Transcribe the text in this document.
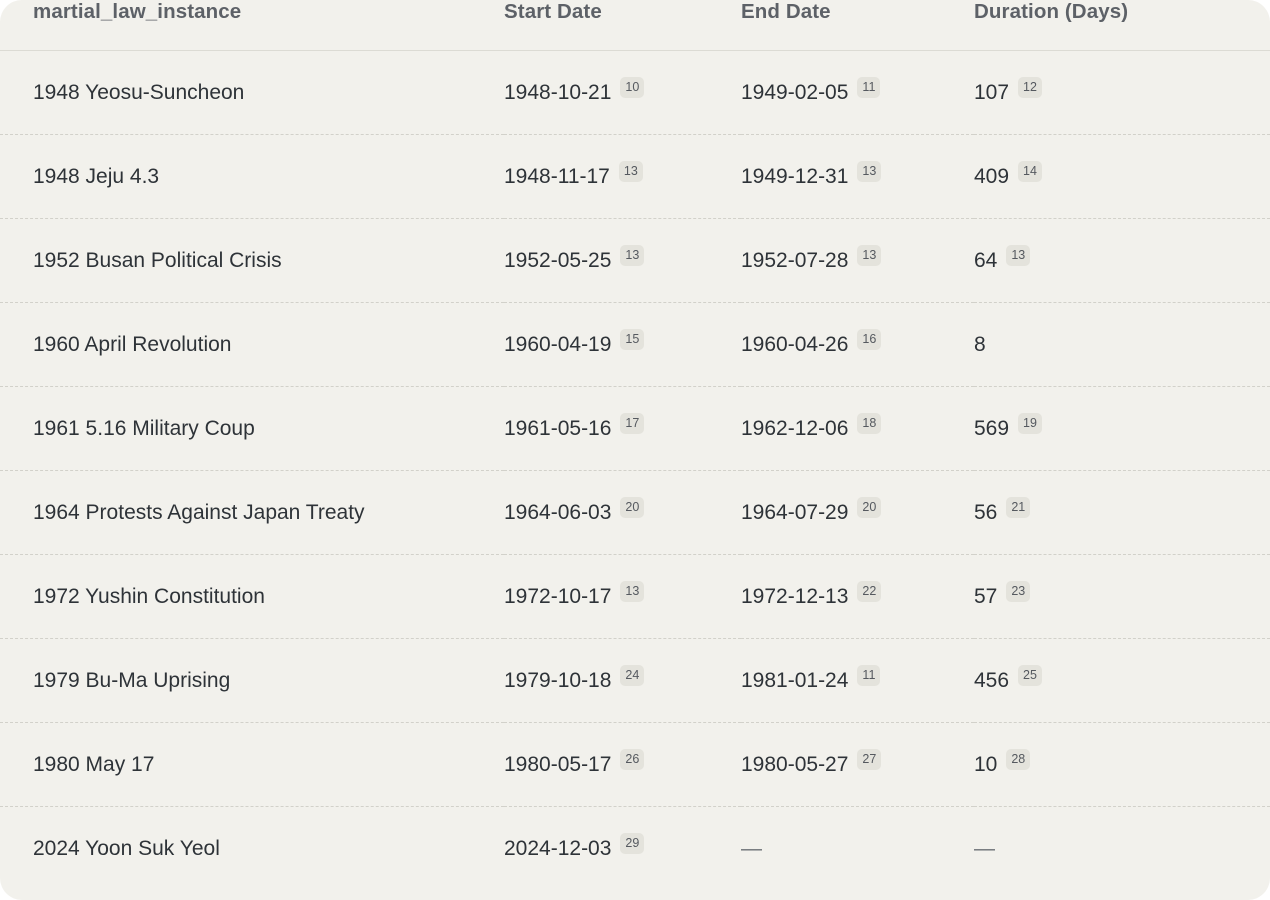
martial_law_instance	Start Date	End Date	Duration (Days)

1948 Yeosu-Suncheon	1948-10-21 10	1949-02-05 11	107 12

1948 Jeju 4.3	1948-11-17 13	1949-12-31 13	409 14

1952 Busan Political Crisis	1952-05-25 13	1952-07-28 13	64 13

1960 April Revolution	1960-04-19 15	1960-04-26 16	8

1961 5.16 Military Coup	1961-05-16 17	1962-12-06 18	569 19

1964 Protests Against Japan Treaty	1964-06-03 20	1964-07-29 20	56 21

1972 Yushin Constitution	1972-10-17 13	1972-12-13 22	57 23

1979 Bu-Ma Uprising	1979-10-18 24	1981-01-24 11	456 25

1980 May 17	1980-05-17 26	1980-05-27 27	10 28

2024 Yoon Suk Yeol	2024-12-03 29	—	—
